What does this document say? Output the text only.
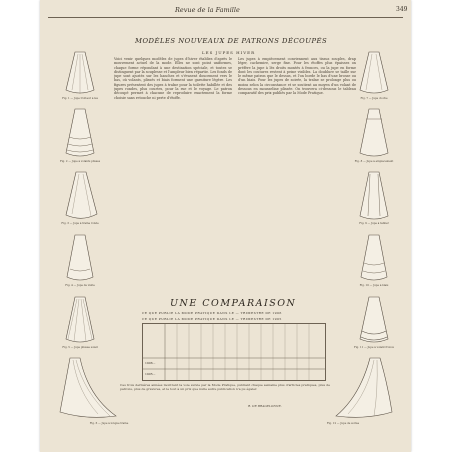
Revue de la Famille	349
MODÈLES NOUVEAUX DE PATRONS DÉCOUPÉS
LES JUPES HIVER
Fig. 1 — Jupe trotteur à lés
Fig. 2 — Jupe à volants plissés
Fig. 3 — Jupe à traîne ronde
Fig. 4 — Jupe de visite
Fig. 5 — Jupe plissée soleil
Fig. 6 — Jupe à longue traîne
Voici venir quelques modèles de jupes d'hiver établies d'après le mouvement actuel de la mode. Elles ne sont point uniformes, chaque forme répondant à une destination spéciale, et toutes se distinguent par la souplesse et l'ampleur bien répartie. Les fonds de jupe sont ajustés sur les hanches et s'évasent doucement vers le bas, où volants, plissés et biais forment une garniture légère. Les figures présentent des jupes à traîne pour la toilette habillée et des jupes rondes, plus courtes, pour la rue et le voyage. Le patron découpé permet à chacune de reproduire exactement la forme choisie sans retouche ni perte d'étoffe.
Les jupes à empiècement conviennent aux tissus souples, drap léger, cachemire, serge fine. Pour les étoffes plus épaisses on préfère la jupe à lés droits montés à fronces, ou la jupe en forme dont les coutures restent à peine visibles. La doublure se taille sur le même patron que le dessus, et l'on borde le bas d'une brosse ou d'un biais. Pour les jupes de soirée, la traîne se prolonge plus ou moins selon la circonstance et se soutient au moyen d'un volant de dessous en mousseline plissée. On trouvera ci-dessous le tableau comparatif des prix publiés par la Mode Pratique.
Fig. 7 — Jupe cloche
Fig. 8 — Jupe à empiècement
Fig. 9 — Jupe à tablier
Fig. 10 — Jupe à biais
Fig. 11 — Jupe à volant froncé
Fig. 12 — Jupe de soirée
UNE COMPARAISON
CE QUE PUBLIE LA MODE PRATIQUE DANS LE — TRIMESTRE DE 1906
CE QUE PUBLIE LA MODE PRATIQUE DANS LE — TRIMESTRE DE 1905
1906...
1905...
Ces trois dernières années montrent la voie suivie par la Mode Pratique, publiant chaque semaine plus d'articles pratiques, plus de patrons, plus de gravures, et le tout à un prix que nulle autre publication n'a pu égaler.
R. DE BRAGELONNE.
